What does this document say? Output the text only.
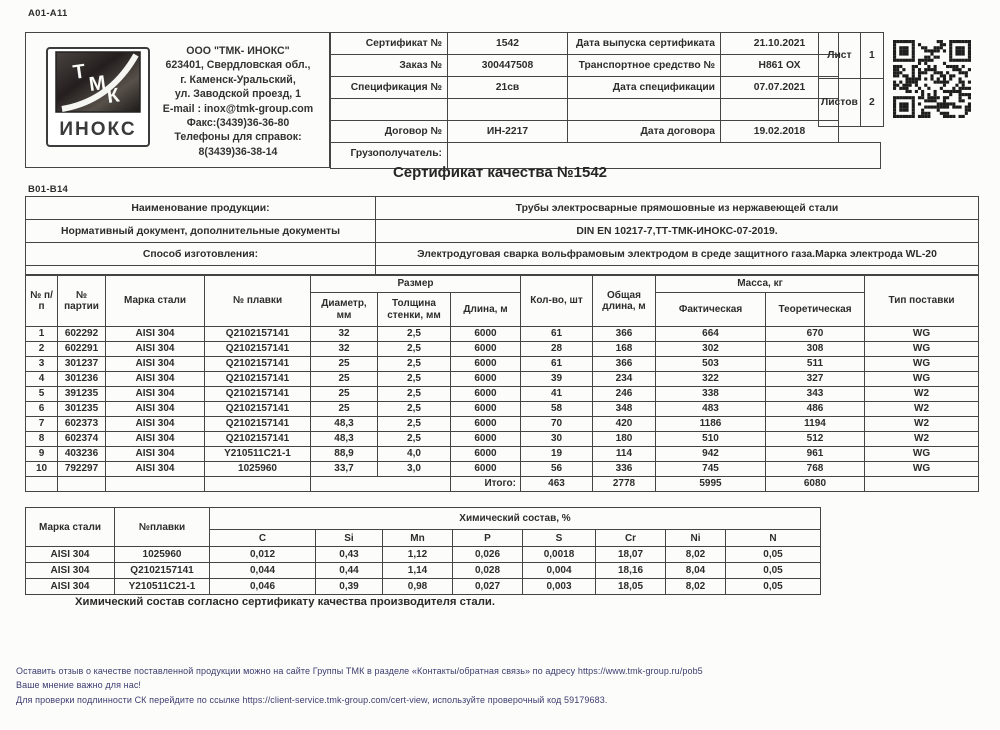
А01-А11
Т М
К
ИНОКС
ООО "ТМК- ИНОКС"
623401, Свердловская обл.,
г. Каменск-Уральский,
ул. Заводской проезд, 1
E-mail : inox@tmk-group.com
Факс:(3439)36-36-80
Телефоны для справок:
8(3439)36-38-14
Сертификат №	1542	Дата выпуска сертификата	21.10.2021
Заказ №	300447508	Транспортное средство №	Н861 ОХ
Спецификация №	21св	Дата спецификации	07.07.2021

Договор №	ИН-2217	Дата договора	19.02.2018
Грузополучатель:	
Лист	1
Листов	2
Сертификат качества №1542
В01-В14
Наименование продукции:	Трубы электросварные прямошовные из нержавеющей стали
Нормативный документ, дополнительные документы	DIN EN 10217-7,ТТ-ТМК-ИНОКС-07-2019.
Способ изготовления:	Электродуговая сварка вольфрамовым электродом в среде защитного газа.Марка электрода WL-20

№ п/п	№ партии	Марка стали	№ плавки	Размер			Кол-во, шт	Общая длина, м	Масса, кг		Тип поставки
				Диаметр, мм	Толщина стенки, мм	Длина, м			Фактическая	Теоретическая	
1	602292	AISI 304	Q2102157141	32	2,5	6000	61	366	664	670	WG
2	602291	AISI 304	Q2102157141	32	2,5	6000	28	168	302	308	WG
3	301237	AISI 304	Q2102157141	25	2,5	6000	61	366	503	511	WG
4	301236	AISI 304	Q2102157141	25	2,5	6000	39	234	322	327	WG
5	391235	AISI 304	Q2102157141	25	2,5	6000	41	246	338	343	W2
6	301235	AISI 304	Q2102157141	25	2,5	6000	58	348	483	486	W2
7	602373	AISI 304	Q2102157141	48,3	2,5	6000	70	420	1186	1194	W2
8	602374	AISI 304	Q2102157141	48,3	2,5	6000	30	180	510	512	W2
9	403236	AISI 304	Y210511C21-1	88,9	4,0	6000	19	114	942	961	WG
10	792297	AISI 304	1025960	33,7	3,0	6000	56	336	745	768	WG
						Итого:	463	2778	5995	6080	
Марка стали	№плавки	Химический состав, %							
		C	Si	Mn	P	S	Cr	Ni	N
AISI 304	1025960	0,012	0,43	1,12	0,026	0,0018	18,07	8,02	0,05
AISI 304	Q2102157141	0,044	0,44	1,14	0,028	0,004	18,16	8,04	0,05
AISI 304	Y210511C21-1	0,046	0,39	0,98	0,027	0,003	18,05	8,02	0,05
Химический состав согласно сертификату качества производителя стали.
Оставить отзыв о качестве поставленной продукции можно на сайте Группы ТМК в разделе «Контакты/обратная связь» по адресу https://www.tmk-group.ru/pob5
Ваше мнение важно для нас!
Для проверки подлинности СК перейдите по ссылке https://client-service.tmk-group.com/cert-view, используйте проверочный код 59179683.
